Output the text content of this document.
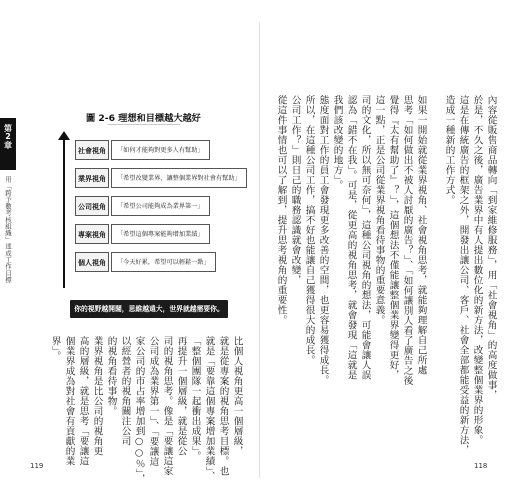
第2章
用「跨予數考核組織」達成工作目標
圖 2-6 理想和目標越大越好
社會視角	「如何才能夠對更多人有幫助」
業界視角	「希望改變業界，讓整個業界對社會有幫助」
公司視角	「希望公司能夠成為業界第一」
專案視角	「希望這個專案能夠增加業績」
個人視角	「今天好累，希望可以輕鬆一點」
你的視野越開闊，思維越遠大，世界就越需要你。
比個人視角更高一個層級，
就是從專案的視角思考目標。也
就是「要靠這個專案增加業績」、
「整個團隊一起衝出成果」。
再提升一個層級，就是從公
司的視角思考。像是「要讓這家
公司成為業界第一」、「要讓這
家公司的市占率增加到○○％」，
以經營者的視角關注公司
的視角看待事物。
業界視角是比公司的視角更
高的層級，就是思考「要讓這
個業界成為對社會有貢獻的業
界」。
119
內容從販售商品轉向「到家維修服務」，用「社會視角」的高度做事，
於是，不久之後，廣告業界中有人提出數位化的新方法，改變整個業界的形象。
這是在傳統廣告的框架之外，開發出讓公司、客戶、社會全部都能受益的新方法，
造成一種新的工作方式。
如果一開始就從業界視角、社會視角思考，就能夠理解自己所處
思考「如何做出不被人討厭的廣告？」、「如何讓別人看了廣告之後
覺得『太有幫助了』？」，這個想法不僅能讓整個業界變得更好，
這一點，正是公司從業界視角看待事物的重要意義。
司的文化，所以無可奈何」，這種公司視角的想法，可能會讓人誤
認為「錯不在我」。可是，從更高的視角思考，就會發現「這就是
我們該改變的地方」。
態度面對工作的員工會發現更多改善的空間，也更容易獲得成長。
所以，在這種公司工作，搞不好也能讓自己獲得很大的成長。
公司工作？」則日己的職務認識就會改變，
從這件事情也可以了解到，提升思考視角的重要性。
118
